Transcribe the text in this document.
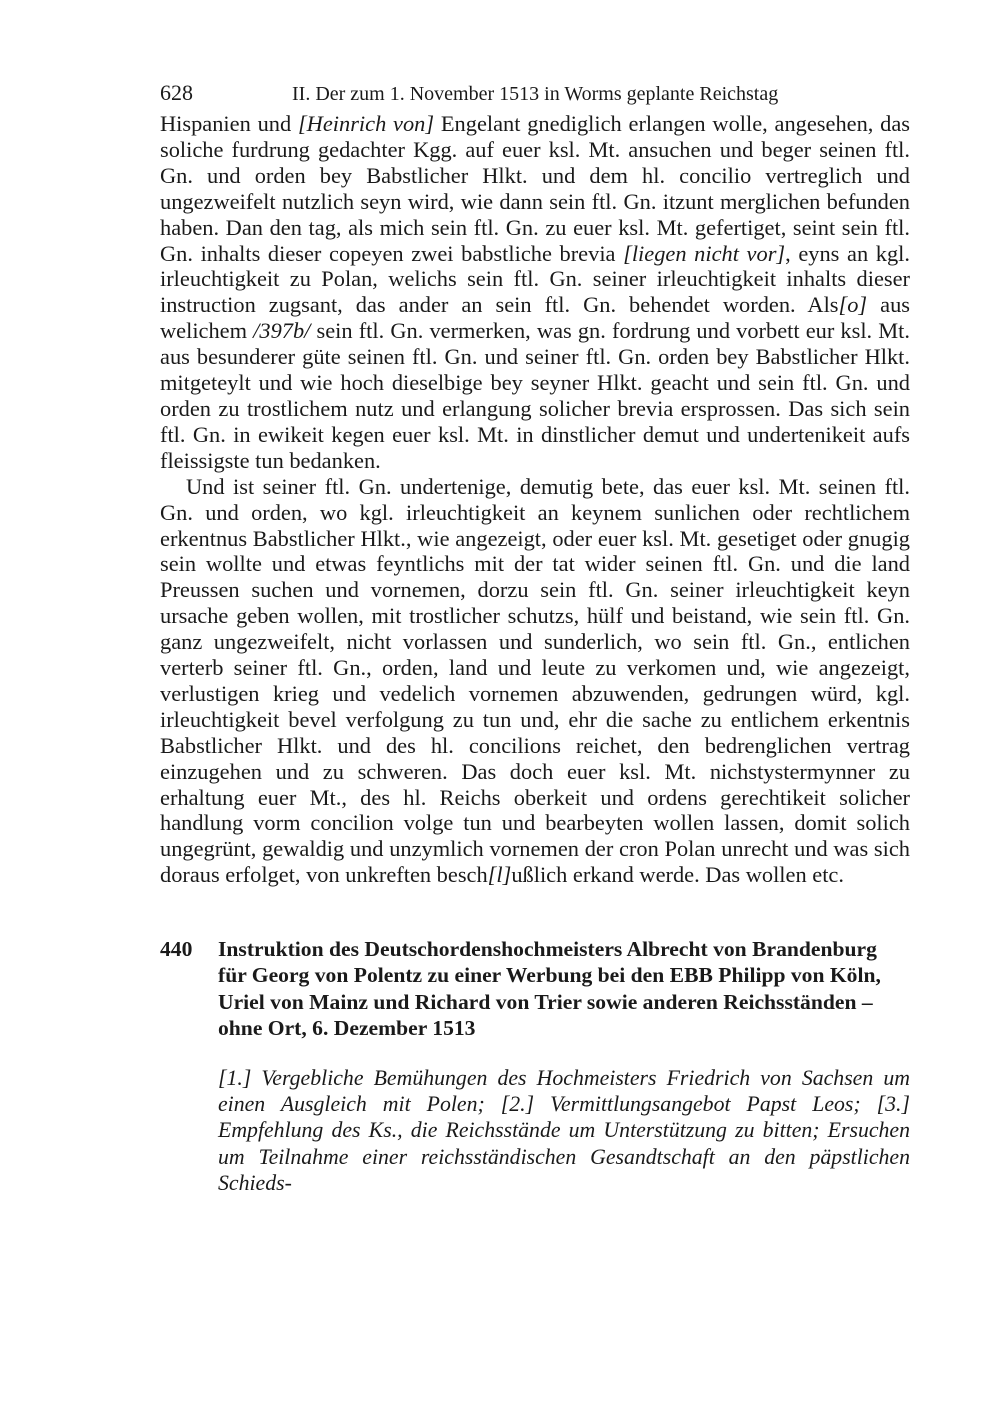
628	II. Der zum 1. November 1513 in Worms geplante Reichstag

Hispanien und [Heinrich von] Engelant gnediglich erlangen wolle, angesehen, das soliche furdrung gedachter Kgg. auf euer ksl. Mt. ansuchen und beger seinen ftl. Gn. und orden bey Babstlicher Hlkt. und dem hl. concilio vertreglich und ungezweifelt nutzlich seyn wird, wie dann sein ftl. Gn. itzunt merglichen befunden haben. Dan den tag, als mich sein ftl. Gn. zu euer ksl. Mt. gefertiget, seint sein ftl. Gn. inhalts dieser copeyen zwei babstliche brevia [liegen nicht vor], eyns an kgl. irleuchtigkeit zu Polan, welichs sein ftl. Gn. seiner irleuchtigkeit inhalts dieser instruction zugsant, das ander an sein ftl. Gn. behendet worden. Als[o] aus welichem /397b/ sein ftl. Gn. vermerken, was gn. fordrung und vorbett eur ksl. Mt. aus besunderer güte seinen ftl. Gn. und seiner ftl. Gn. orden bey Babstlicher Hlkt. mitgeteylt und wie hoch dieselbige bey seyner Hlkt. geacht und sein ftl. Gn. und orden zu trostlichem nutz und erlangung solicher brevia ersprossen. Das sich sein ftl. Gn. in ewikeit kegen euer ksl. Mt. in dinstlicher demut und undertenikeit aufs fleissigste tun bedanken.

Und ist seiner ftl. Gn. undertenige, demutig bete, das euer ksl. Mt. seinen ftl. Gn. und orden, wo kgl. irleuchtigkeit an keynem sunlichen oder rechtlichem erkentnus Babstlicher Hlkt., wie angezeigt, oder euer ksl. Mt. gesetiget oder gnugig sein wollte und etwas feyntlichs mit der tat wider seinen ftl. Gn. und die land Preussen suchen und vornemen, dorzu sein ftl. Gn. seiner irleuchtigkeit keyn ursache geben wollen, mit trostlicher schutzs, hülf und beistand, wie sein ftl. Gn. ganz ungezweifelt, nicht vorlassen und sunderlich, wo sein ftl. Gn., entlichen verterb seiner ftl. Gn., orden, land und leute zu verkomen und, wie angezeigt, verlustigen krieg und vedelich vornemen abzuwenden, gedrungen würd, kgl. irleuchtigkeit bevel verfolgung zu tun und, ehr die sache zu entlichem erkentnis Babstlicher Hlkt. und des hl. concilions reichet, den bedrenglichen vertrag einzugehen und zu schweren. Das doch euer ksl. Mt. nichstystermynner zu erhaltung euer Mt., des hl. Reichs oberkeit und ordens gerechtikeit solicher handlung vorm concilion volge tun und bearbeyten wollen lassen, domit solich ungegrünt, gewaldig und unzymlich vornemen der cron Polan unrecht und was sich doraus erfolget, von unkreften besch[l]ußlich erkand werde. Das wollen etc.

440	Instruktion des Deutschordenshochmeisters Albrecht von Brandenburg für Georg von Polentz zu einer Werbung bei den EBB Philipp von Köln, Uriel von Mainz und Richard von Trier sowie anderen Reichsständen – ohne Ort, 6. Dezember 1513
[1.] Vergebliche Bemühungen des Hochmeisters Friedrich von Sachsen um einen Ausgleich mit Polen; [2.] Vermittlungsangebot Papst Leos; [3.] Empfehlung des Ks., die Reichsstände um Unterstützung zu bitten; Ersuchen um Teilnahme einer reichsständischen Gesandtschaft an den päpstlichen Schieds-
